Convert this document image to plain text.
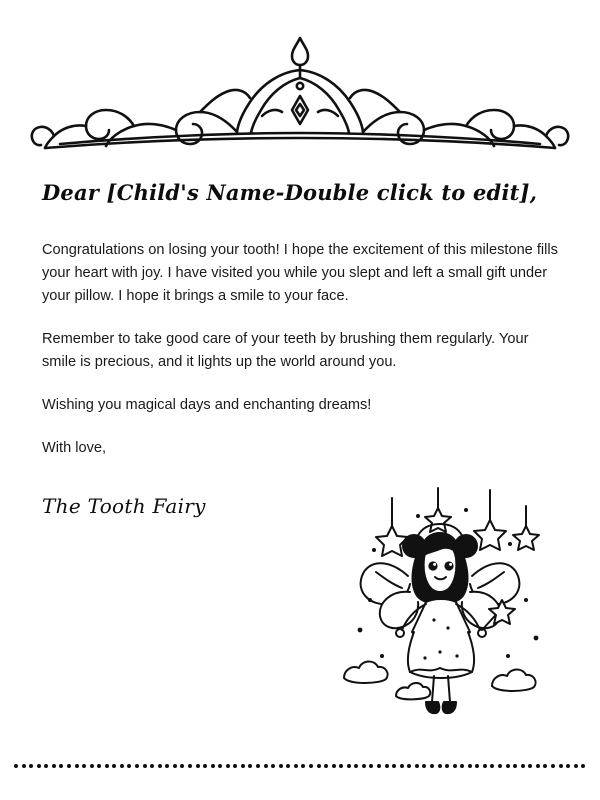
Dear [Child's Name-Double click to edit],

Congratulations on losing your tooth! I hope the excitement of this milestone fills your heart with joy. I have visited you while you slept and left a small gift under your pillow. I hope it brings a smile to your face.

Remember to take good care of your teeth by brushing them regularly. Your smile is precious, and it lights up the world around you.

Wishing you magical days and enchanting dreams!

With love,

The Tooth Fairy
